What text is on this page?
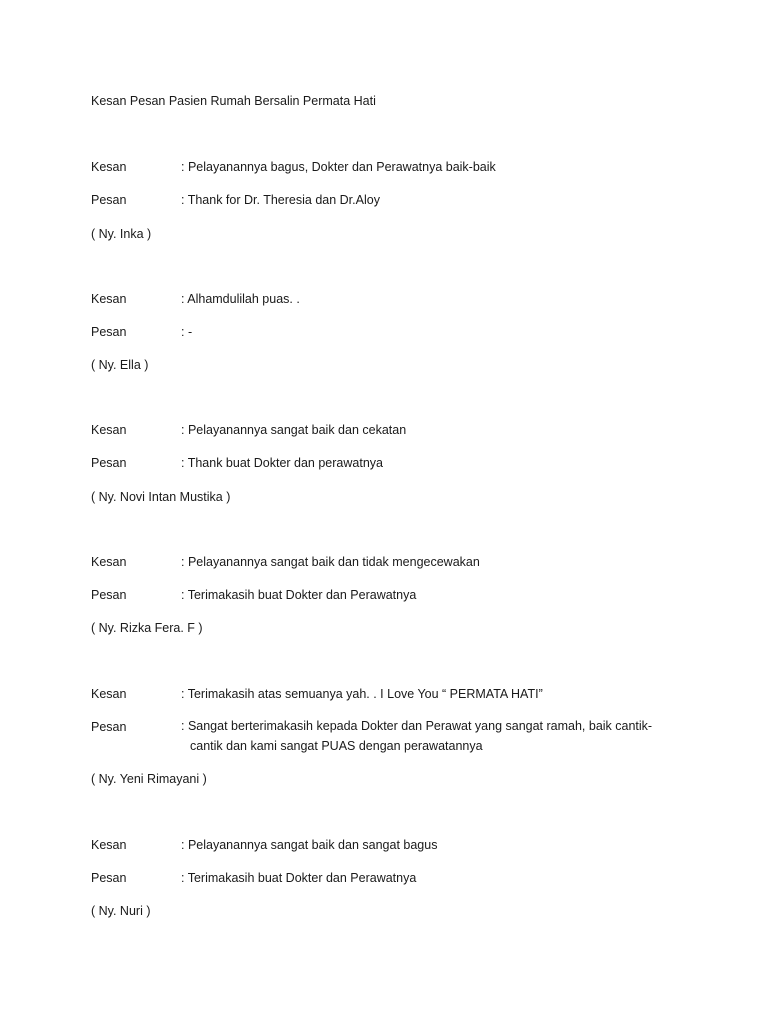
Kesan Pesan Pasien Rumah Bersalin Permata Hati
Kesan	: Pelayanannya bagus, Dokter dan Perawatnya baik-baik
Pesan	: Thank for Dr. Theresia dan Dr.Aloy
( Ny. Inka )
Kesan	: Alhamdulilah puas. .
Pesan	: -
( Ny. Ella )
Kesan	: Pelayanannya sangat baik dan cekatan
Pesan	: Thank buat Dokter dan perawatnya
( Ny. Novi Intan Mustika )
Kesan	: Pelayanannya sangat baik dan tidak mengecewakan
Pesan	: Terimakasih buat Dokter dan Perawatnya
( Ny. Rizka Fera. F )
Kesan	: Terimakasih atas semuanya yah. . I Love You “ PERMATA HATI”
Pesan	: Sangat berterimakasih kepada Dokter dan Perawat yang sangat ramah, baik cantik-
cantik dan kami sangat PUAS dengan perawatannya
( Ny. Yeni Rimayani )
Kesan	: Pelayanannya sangat baik dan sangat bagus
Pesan	: Terimakasih buat Dokter dan Perawatnya
( Ny. Nuri )
